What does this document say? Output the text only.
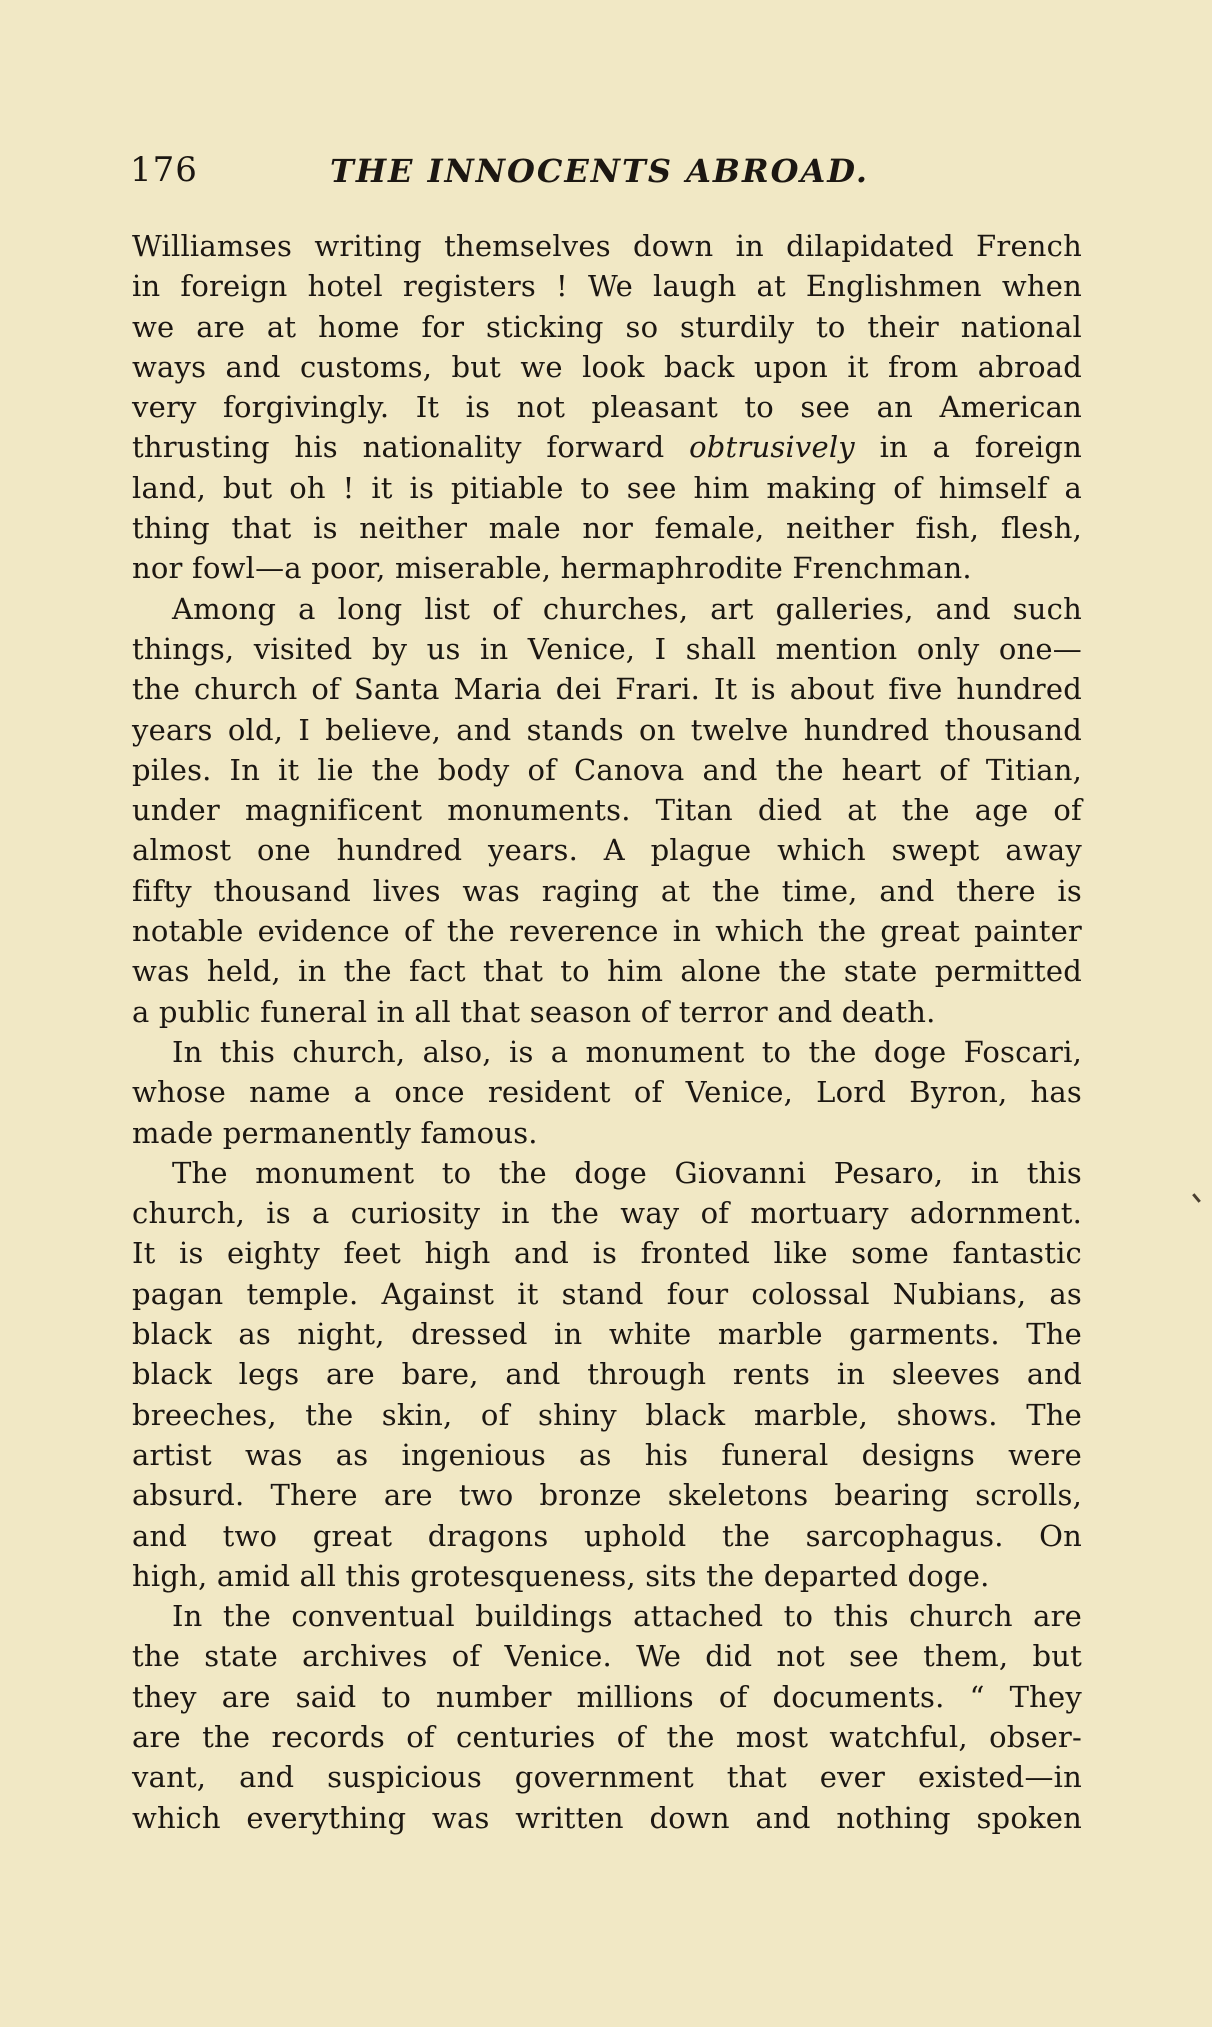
176	THE INNOCENTS ABROAD.
Williamses writing themselves down in dilapidated French
in foreign hotel registers ! We laugh at Englishmen when
we are at home for sticking so sturdily to their national
ways and customs, but we look back upon it from abroad
very forgivingly. It is not pleasant to see an American
thrusting his nationality forward obtrusively in a foreign
land, but oh ! it is pitiable to see him making of himself a
thing that is neither male nor female, neither fish, flesh,
nor fowl—a poor, miserable, hermaphrodite Frenchman.
Among a long list of churches, art galleries, and such
things, visited by us in Venice, I shall mention only one—
the church of Santa Maria dei Frari. It is about five hundred
years old, I believe, and stands on twelve hundred thousand
piles. In it lie the body of Canova and the heart of Titian,
under magnificent monuments. Titan died at the age of
almost one hundred years. A plague which swept away
fifty thousand lives was raging at the time, and there is
notable evidence of the reverence in which the great painter
was held, in the fact that to him alone the state permitted
a public funeral in all that season of terror and death.
In this church, also, is a monument to the doge Foscari,
whose name a once resident of Venice, Lord Byron, has
made permanently famous.
The monument to the doge Giovanni Pesaro, in this
church, is a curiosity in the way of mortuary adornment.
It is eighty feet high and is fronted like some fantastic
pagan temple. Against it stand four colossal Nubians, as
black as night, dressed in white marble garments. The
black legs are bare, and through rents in sleeves and
breeches, the skin, of shiny black marble, shows. The
artist was as ingenious as his funeral designs were
absurd. There are two bronze skeletons bearing scrolls,
and two great dragons uphold the sarcophagus. On
high, amid all this grotesqueness, sits the departed doge.
In the conventual buildings attached to this church are
the state archives of Venice. We did not see them, but
they are said to number millions of documents. “ They
are the records of centuries of the most watchful, obser-
vant, and suspicious government that ever existed—in
which everything was written down and nothing spoken
